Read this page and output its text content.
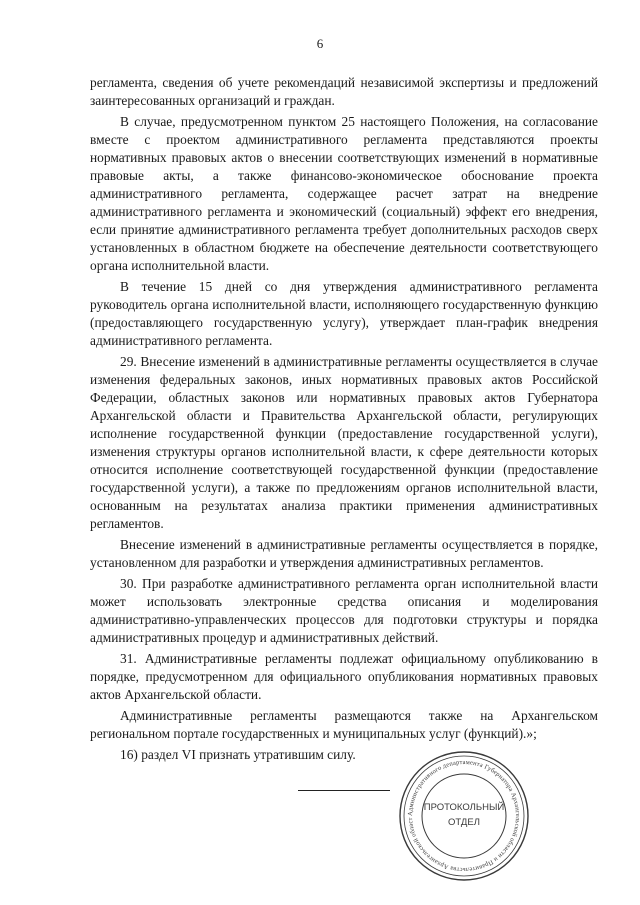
6

регламента, сведения об учете рекомендаций независимой экспертизы и предложений заинтересованных организаций и граждан.

В случае, предусмотренном пунктом 25 настоящего Положения, на согласование вместе с проектом административного регламента представляются проекты нормативных правовых актов о внесении соответствующих изменений в нормативные правовые акты, а также финансово-экономическое обоснование проекта административного регламента, содержащее расчет затрат на внедрение административного регламента и экономический (социальный) эффект его внедрения, если принятие административного регламента требует дополнительных расходов сверх установленных в областном бюджете на обеспечение деятельности соответствующего органа исполнительной власти.

В течение 15 дней со дня утверждения административного регламента руководитель органа исполнительной власти, исполняющего государственную функцию (предоставляющего государственную услугу), утверждает план-график внедрения административного регламента.

29. Внесение изменений в административные регламенты осуществляется в случае изменения федеральных законов, иных нормативных правовых актов Российской Федерации, областных законов или нормативных правовых актов Губернатора Архангельской области и Правительства Архангельской области, регулирующих исполнение государственной функции (предоставление государственной услуги), изменения структуры органов исполнительной власти, к сфере деятельности которых относится исполнение соответствующей государственной функции (предоставление государственной услуги), а также по предложениям органов исполнительной власти, основанным на результатах анализа практики применения административных регламентов.

Внесение изменений в административные регламенты осуществляется в порядке, установленном для разработки и утверждения административных регламентов.

30. При разработке административного регламента орган исполнительной власти может использовать электронные средства описания и моделирования административно-управленческих процессов для подготовки структуры и порядка административных процедур и административных действий.

31. Административные регламенты подлежат официальному опубликованию в порядке, предусмотренном для официального опубликования нормативных правовых актов Архангельской области.

Административные регламенты размещаются также на Архангельском региональном портале государственных и муниципальных услуг (функций).»;

16) раздел VI признать утратившим силу.

Административного департамента Губернатора Архангельской области и Правительства Архангельской област
ПРОТОКОЛЬНЫЙ
ОТДЕЛ
